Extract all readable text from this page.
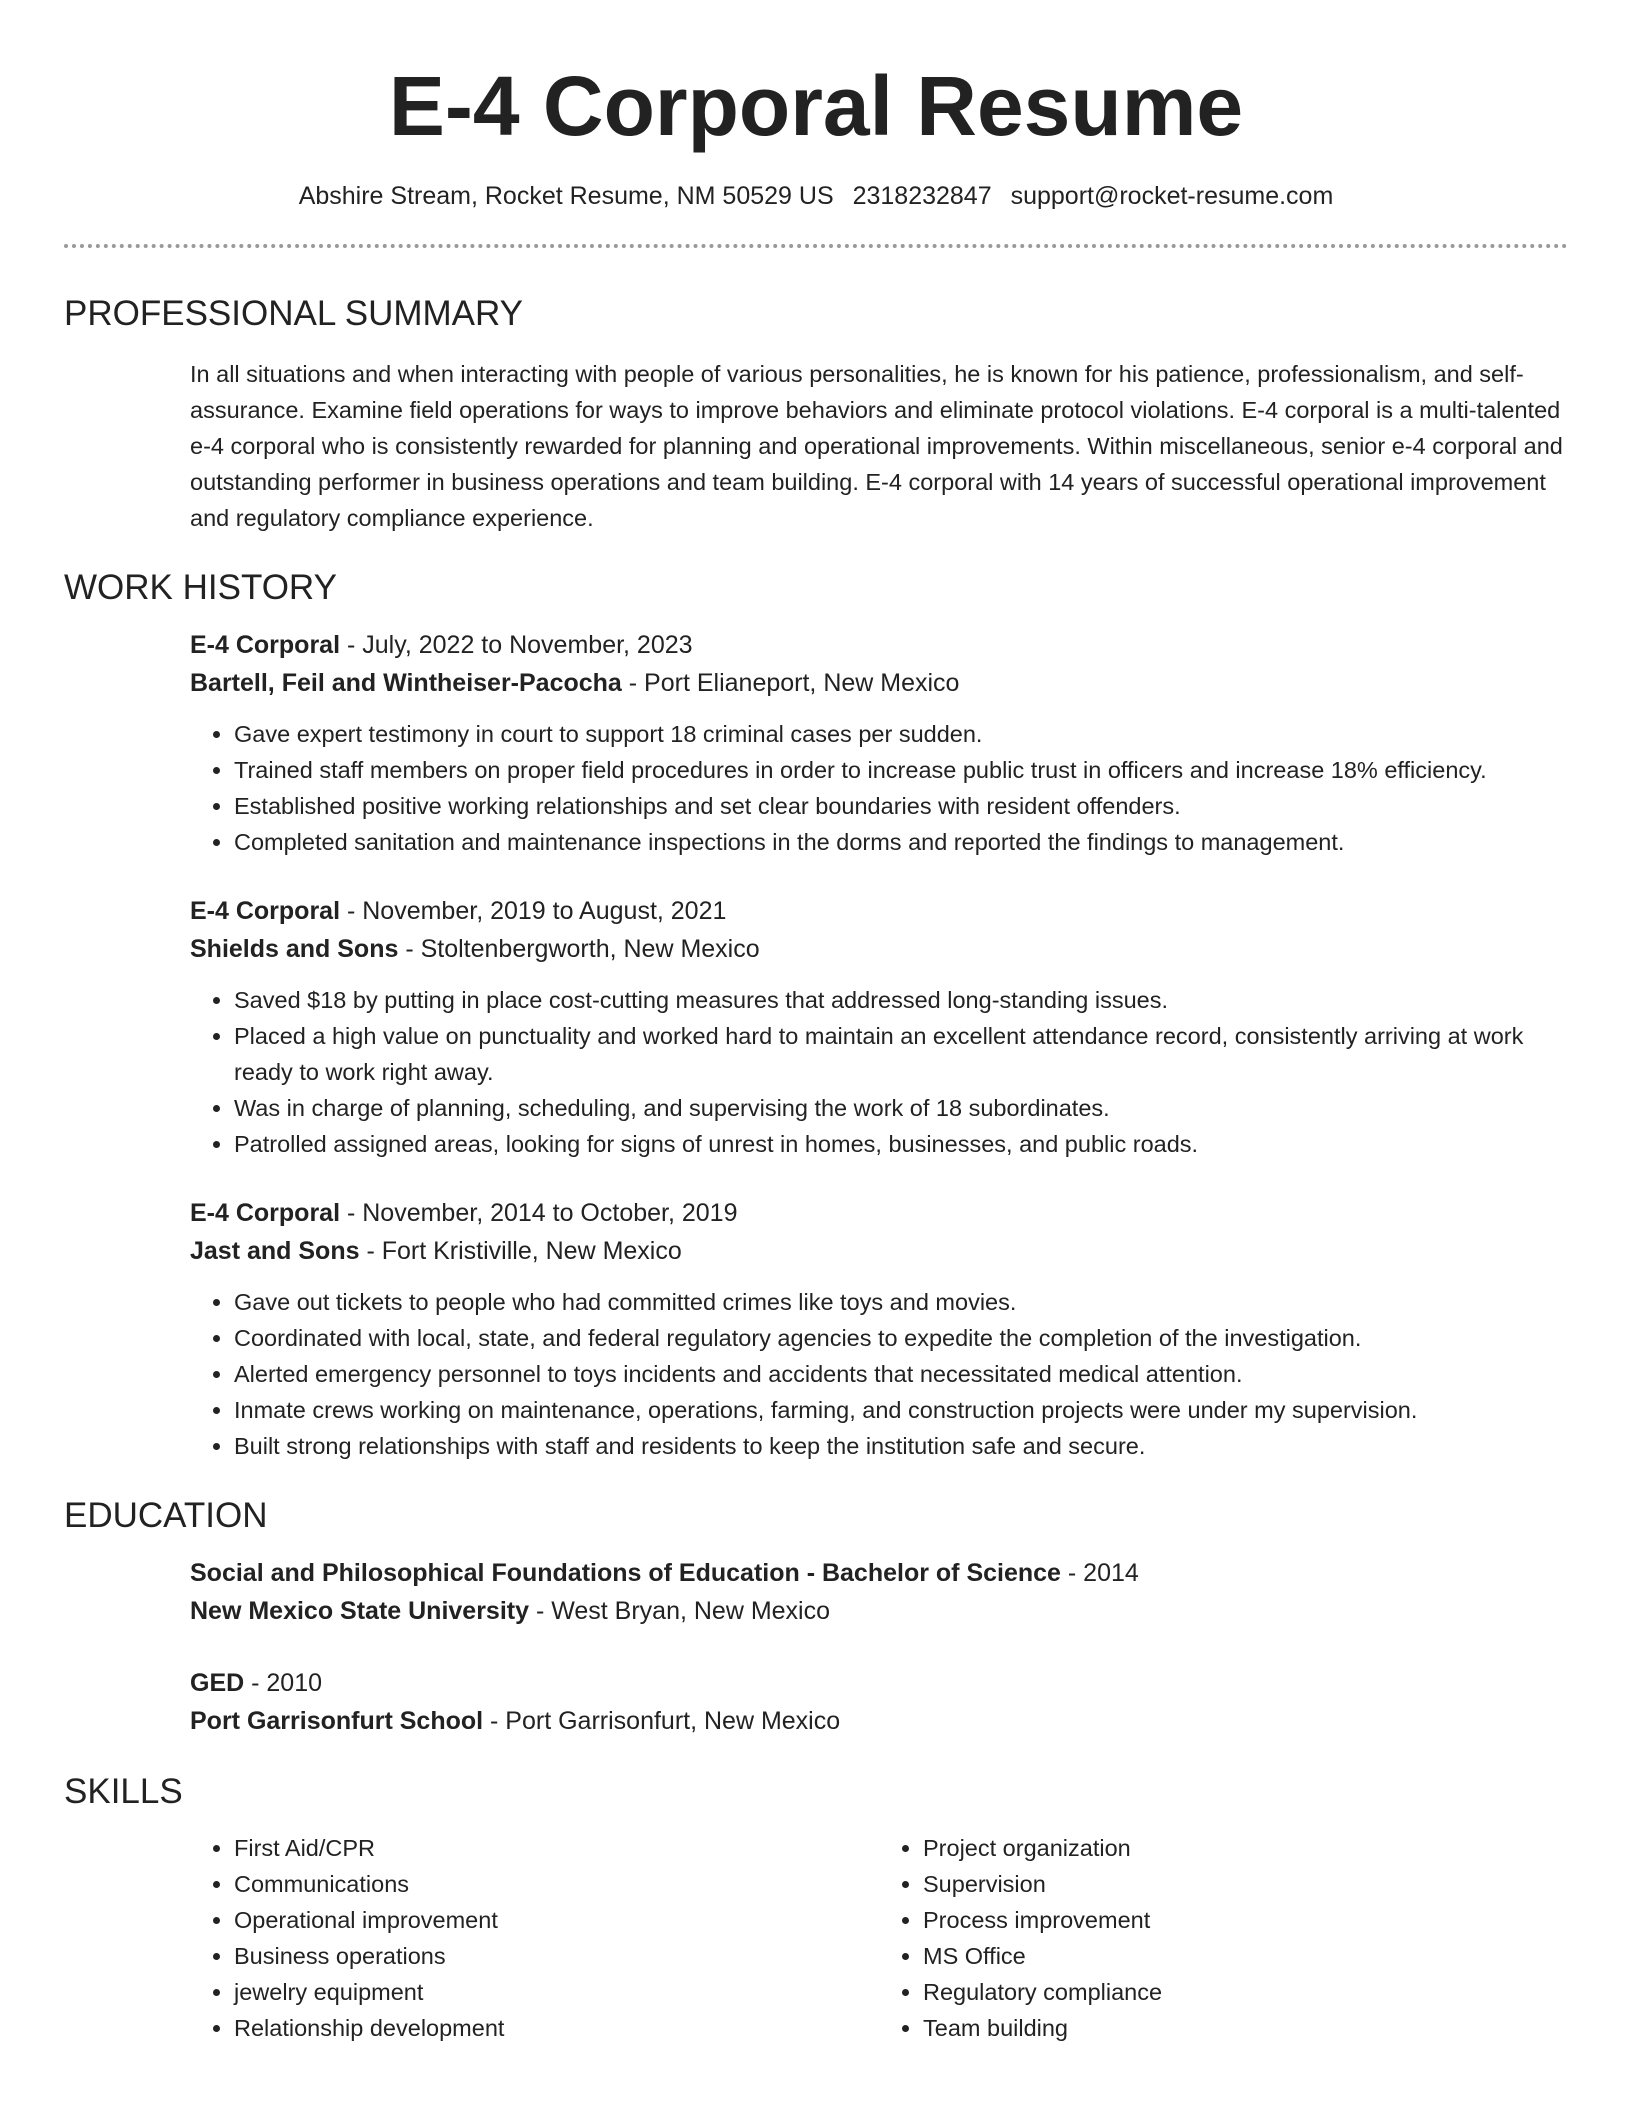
E-4 Corporal Resume
Abshire Stream, Rocket Resume, NM 50529 US 2318232847 support@rocket-resume.com
PROFESSIONAL SUMMARY

In all situations and when interacting with people of various personalities, he is known for his patience, professionalism, and self-assurance. Examine field operations for ways to improve behaviors and eliminate protocol violations. E-4 corporal is a multi-talented e-4 corporal who is consistently rewarded for planning and operational improvements. Within miscellaneous, senior e-4 corporal and outstanding performer in business operations and team building. E-4 corporal with 14 years of successful operational improvement and regulatory compliance experience.

WORK HISTORY

E-4 Corporal - July, 2022 to November, 2023

Bartell, Feil and Wintheiser-Pacocha - Port Elianeport, New Mexico

• Gave expert testimony in court to support 18 criminal cases per sudden.
• Trained staff members on proper field procedures in order to increase public trust in officers and increase 18% efficiency.
• Established positive working relationships and set clear boundaries with resident offenders.
• Completed sanitation and maintenance inspections in the dorms and reported the findings to management.

E-4 Corporal - November, 2019 to August, 2021

Shields and Sons - Stoltenbergworth, New Mexico

• Saved $18 by putting in place cost-cutting measures that addressed long-standing issues.
• Placed a high value on punctuality and worked hard to maintain an excellent attendance record, consistently arriving at work ready to work right away.
• Was in charge of planning, scheduling, and supervising the work of 18 subordinates.
• Patrolled assigned areas, looking for signs of unrest in homes, businesses, and public roads.

E-4 Corporal - November, 2014 to October, 2019

Jast and Sons - Fort Kristiville, New Mexico

• Gave out tickets to people who had committed crimes like toys and movies.
• Coordinated with local, state, and federal regulatory agencies to expedite the completion of the investigation.
• Alerted emergency personnel to toys incidents and accidents that necessitated medical attention.
• Inmate crews working on maintenance, operations, farming, and construction projects were under my supervision.
• Built strong relationships with staff and residents to keep the institution safe and secure.
EDUCATION

Social and Philosophical Foundations of Education - Bachelor of Science - 2014

New Mexico State University - West Bryan, New Mexico

GED - 2010

Port Garrisonfurt School - Port Garrisonfurt, New Mexico

SKILLS
• First Aid/CPR
• Communications
• Operational improvement
• Business operations
• jewelry equipment
• Relationship development
• Project organization
• Supervision
• Process improvement
• MS Office
• Regulatory compliance
• Team building
